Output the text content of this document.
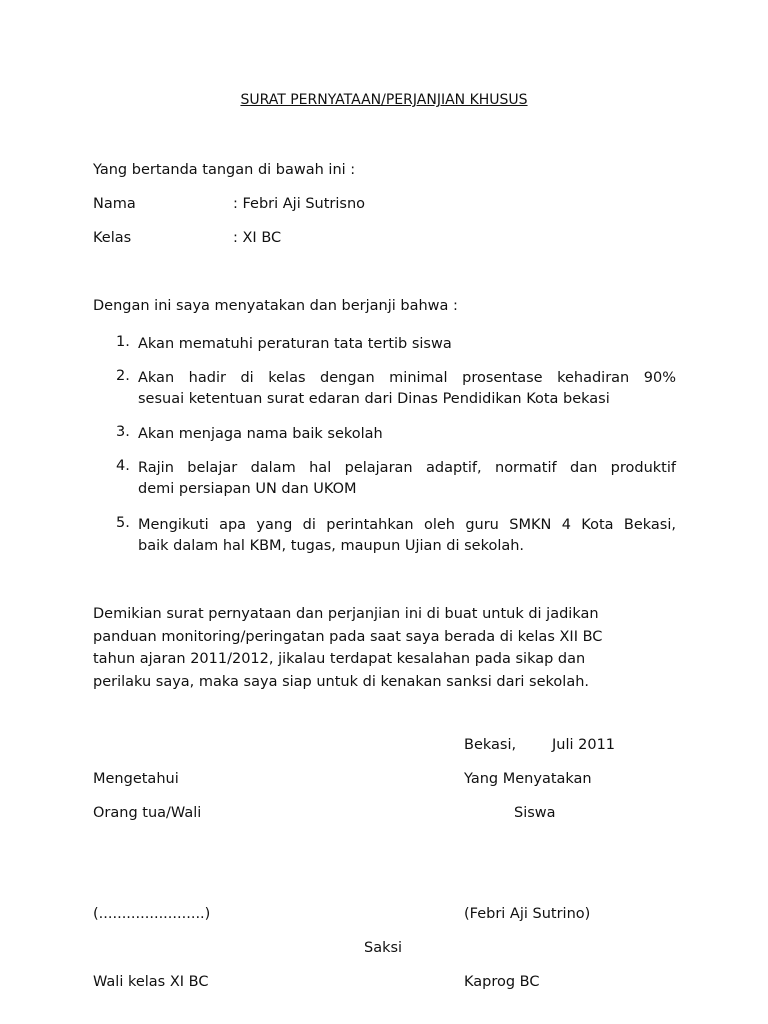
SURAT PERNYATAAN/PERJANJIAN KHUSUS
Yang bertanda tangan di bawah ini :
Nama	: Febri Aji Sutrisno
Kelas	: XI BC
Dengan ini saya menyatakan dan berjanji bahwa :
1. Akan mematuhi peraturan tata tertib siswa
2. Akan hadir di kelas dengan minimal prosentase kehadiran 90%
sesuai ketentuan surat edaran dari Dinas Pendidikan Kota bekasi
3. Akan menjaga nama baik sekolah
4. Rajin belajar dalam hal pelajaran adaptif, normatif dan produktif
demi persiapan UN dan UKOM
5. Mengikuti apa yang di perintahkan oleh guru SMKN 4 Kota Bekasi,
baik dalam hal KBM, tugas, maupun Ujian di sekolah.
Demikian surat pernyataan dan perjanjian ini di buat untuk di jadikan
panduan monitoring/peringatan pada saat saya berada di kelas XII BC
tahun ajaran 2011/2012, jikalau terdapat kesalahan pada sikap dan
perilaku saya, maka saya siap untuk di kenakan sanksi dari sekolah.
Bekasi, Juli 2011
Mengetahui	Yang Menyatakan
Orang tua/Wali	Siswa
(.......................)	(Febri Aji Sutrino)
Saksi
Wali kelas XI BC	Kaprog BC
